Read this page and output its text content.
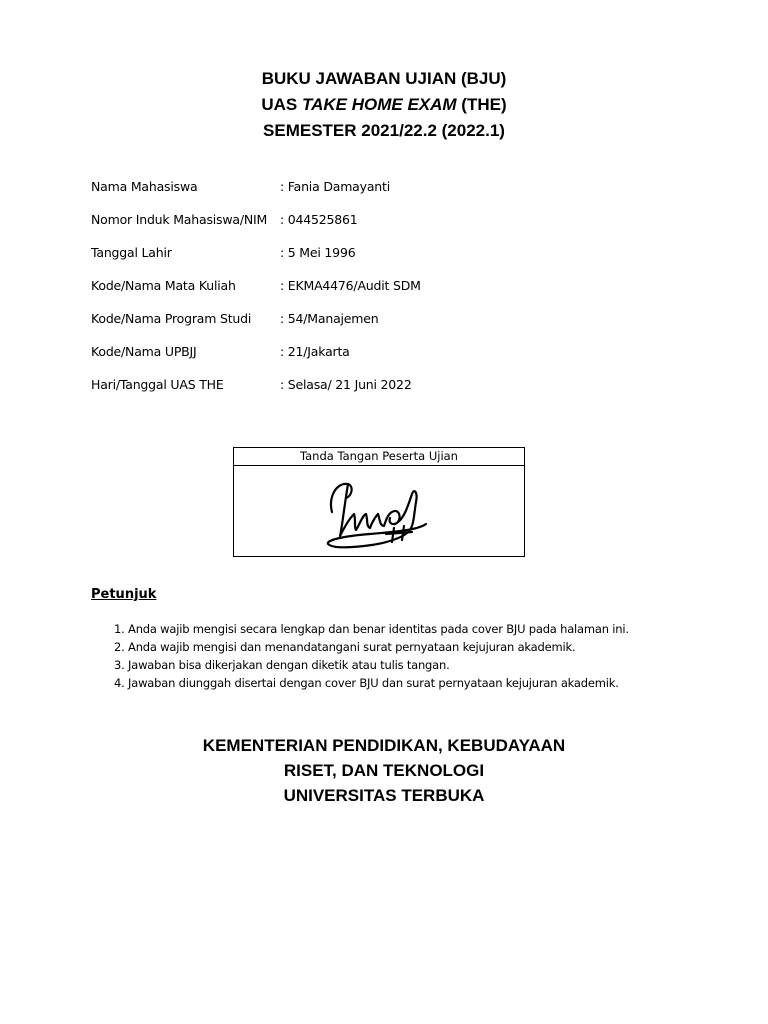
BUKU JAWABAN UJIAN (BJU)
UAS TAKE HOME EXAM (THE)
SEMESTER 2021/22.2 (2022.1)
Nama Mahasiswa	: Fania Damayanti
Nomor Induk Mahasiswa/NIM : 044525861
Tanggal Lahir	: 5 Mei 1996
Kode/Nama Mata Kuliah	: EKMA4476/Audit SDM
Kode/Nama Program Studi : 54/Manajemen
Kode/Nama UPBJJ	: 21/Jakarta
Hari/Tanggal UAS THE	: Selasa/ 21 Juni 2022
Tanda Tangan Peserta Ujian
Petunjuk
1. Anda wajib mengisi secara lengkap dan benar identitas pada cover BJU pada halaman ini.
2. Anda wajib mengisi dan menandatangani surat pernyataan kejujuran akademik.
3. Jawaban bisa dikerjakan dengan diketik atau tulis tangan.
4. Jawaban diunggah disertai dengan cover BJU dan surat pernyataan kejujuran akademik.
KEMENTERIAN PENDIDIKAN, KEBUDAYAAN
RISET, DAN TEKNOLOGI
UNIVERSITAS TERBUKA
